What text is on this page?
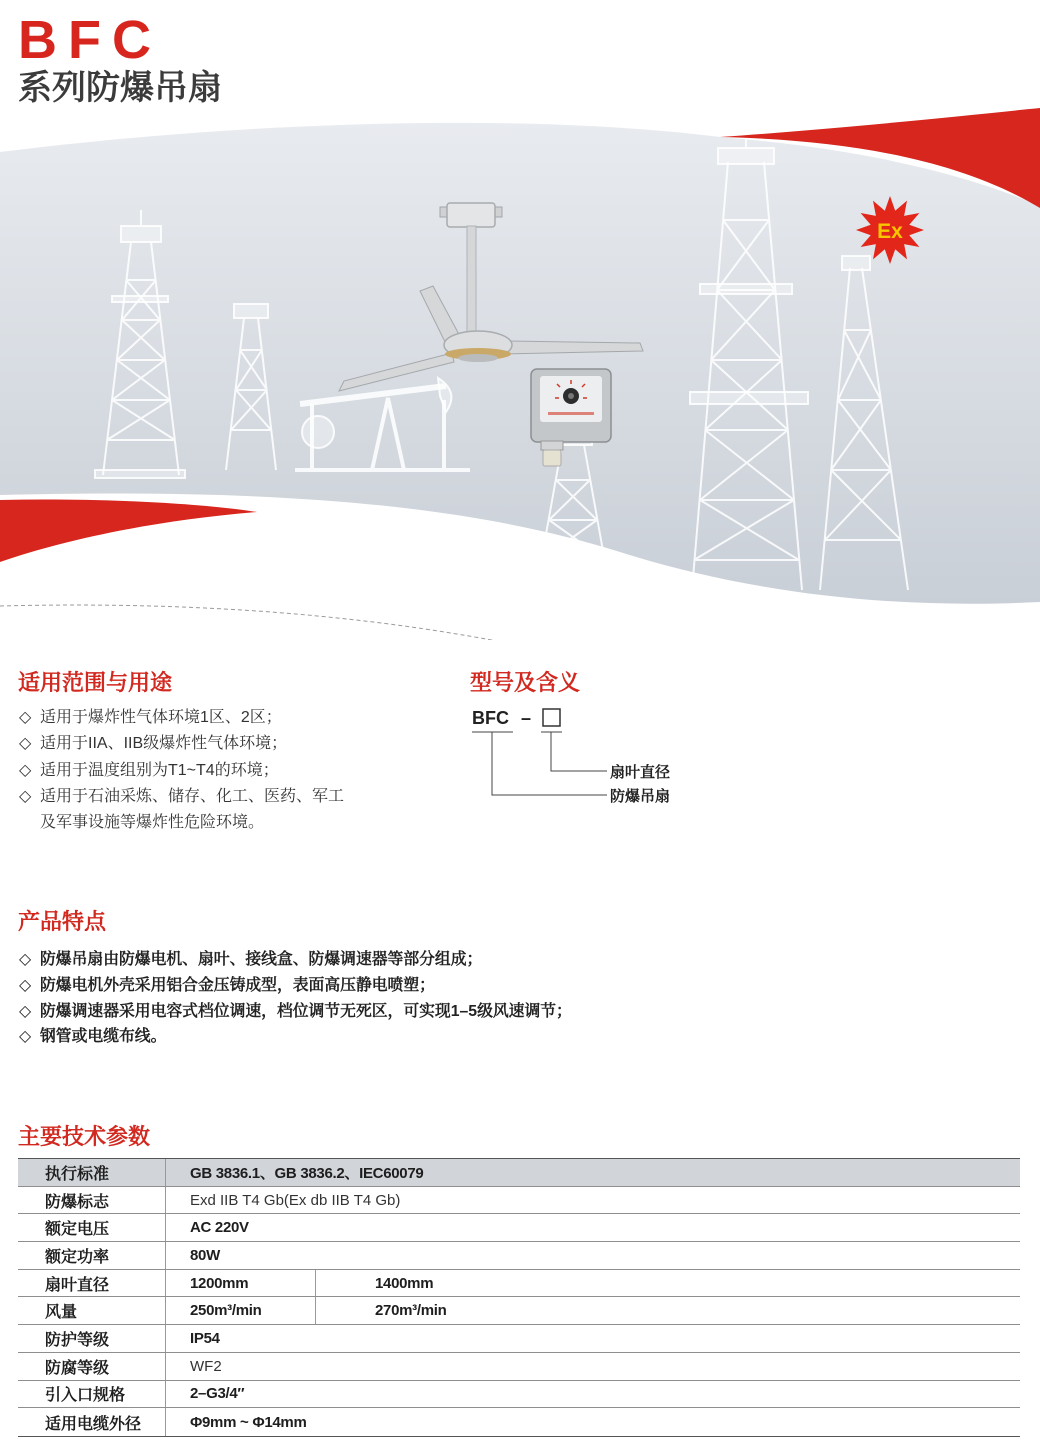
Ex
BFC
系列防爆吊扇
适用范围与用途
◇ 适用于爆炸性气体环境1区、2区；
◇ 适用于IIA、IIB级爆炸性气体环境；
◇ 适用于温度组别为T1~T4的环境；
◇ 适用于石油采炼、储存、化工、医药、军工及军事设施等爆炸性危险环境。
型号及含义
BFC –
扇叶直径
防爆吊扇
产品特点
◇ 防爆吊扇由防爆电机、扇叶、接线盒、防爆调速器等部分组成；
◇ 防爆电机外壳采用铝合金压铸成型，表面高压静电喷塑；
◇ 防爆调速器采用电容式档位调速，档位调节无死区，可实现1–5级风速调节；
◇ 钢管或电缆布线。
主要技术参数
执行标准	GB 3836.1、GB 3836.2、IEC60079
防爆标志	Exd IIB T4 Gb(Ex db IIB T4 Gb)
额定电压	AC 220V
额定功率	80W
扇叶直径	1200mm	1400mm
风量	250m³/min	270m³/min
防护等级	IP54
防腐等级	WF2
引入口规格	2–G3/4″
适用电缆外径	Φ9mm ~ Φ14mm
